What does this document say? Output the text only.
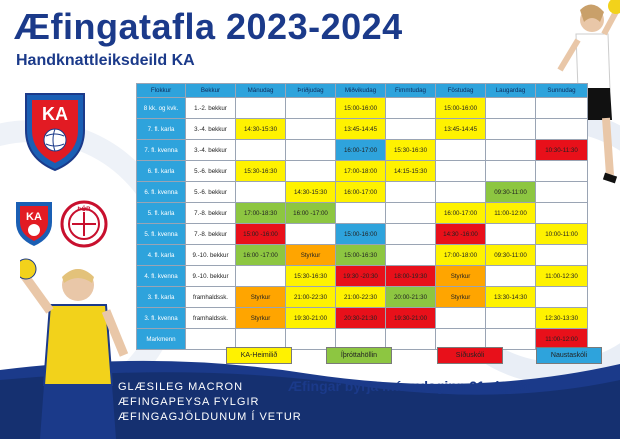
Æfingatafla 2023-2024
Handknattleiksdeild KA
KA
KA
ÞÓR
Flokkur	Bekkur	Mánudag	Þriðjudag	Miðvikudag	Fimmtudag	Föstudag	Laugardag	Sunnudag
8 kk. og kvk.	1.-2. bekkur			15:00-16:00		15:00-16:00		
7. fl. karla	3.-4. bekkur	14:30-15:30		13:45-14:45		13:45-14:45		
7. fl. kvenna	3.-4. bekkur			16:00-17:00	15:30-16:30			10:30-11:30
6. fl. karla	5.-6. bekkur	15:30-16:30		17:00-18:00	14:15-15:30			
6. fl. kvenna	5.-6. bekkur		14:30-15:30	16:00-17:00			09:30-11:00	
5. fl. karla	7.-8. bekkur	17:00-18:30	16:00 -17:00			16:00-17:00	11:00-12:00	
5. fl. kvenna	7.-8. bekkur	15:00 -16:00		15:00-16:00		14:30 -16:00		10:00-11:00
4. fl. karla	9.-10. bekkur	16:00 -17:00	Styrkur	15:00-16:30		17:00-18:00	09:30-11:00	
4. fl. kvenna	9.-10. bekkur		15:30-16:30	19:30 -20:30	18:00-19:30	Styrkur		11:00-12:30
3. fl. karla	framhaldssk.	Styrkur	21:00-22:30	21:00-22:30	20:00-21:30	Styrkur	13:30-14:30	
3. fl. kvenna	framhaldssk.	Styrkur	19:30-21:00	20:30-21:30	19:30-21:00			12:30-13:30
Markmenn								11:00-12:00
KA-Heimilið	Íþróttahöllin	Síðuskóli	Naustaskóli
GLÆSILEG MACRON
ÆFINGAPEYSA FYLGIR
ÆFINGAGJÖLDUNUM Í VETUR
Æfingar byrja mánudaginn 21. ágúst
